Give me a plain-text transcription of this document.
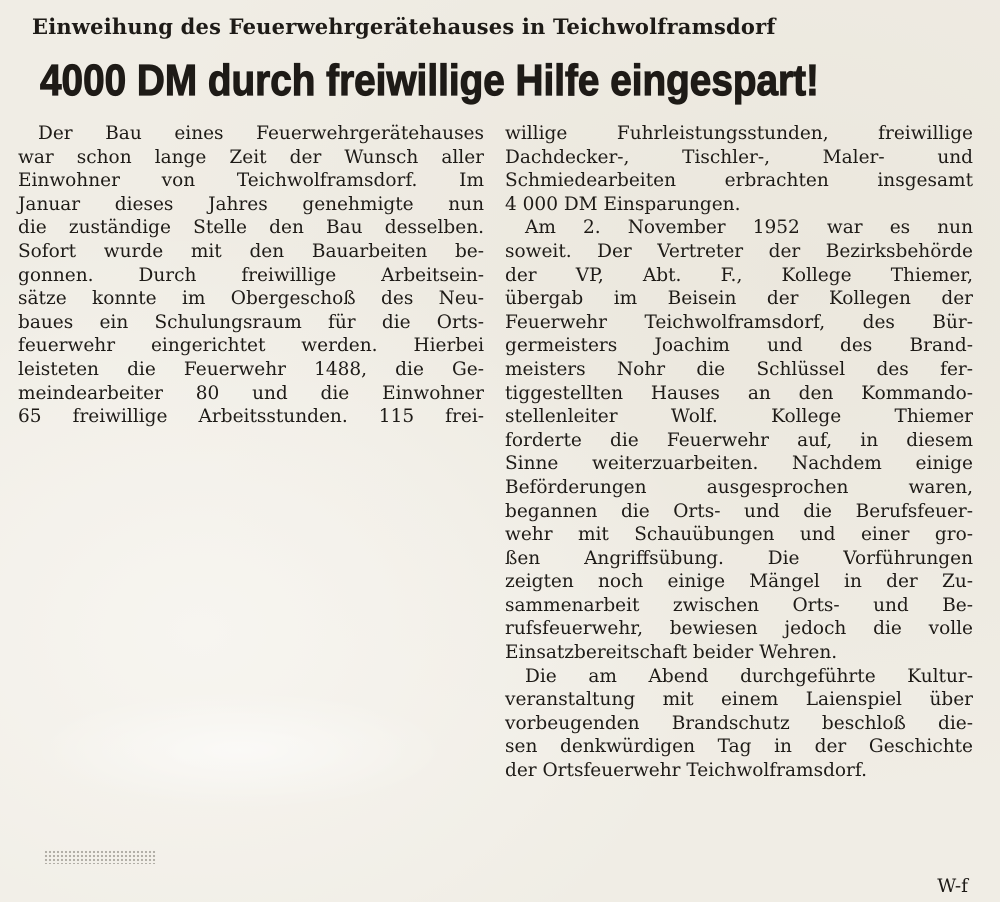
Einweihung des Feuerwehrgerätehauses in Teichwolframsdorf
4000 DM durch freiwillige Hilfe eingespart!
Der Bau eines Feuerwehrgerätehauses
war schon lange Zeit der Wunsch aller
Einwohner von Teichwolframsdorf. Im
Januar dieses Jahres genehmigte nun
die zuständige Stelle den Bau desselben.
Sofort wurde mit den Bauarbeiten be-
gonnen. Durch freiwillige Arbeitsein-
sätze konnte im Obergeschoß des Neu-
baues ein Schulungsraum für die Orts-
feuerwehr eingerichtet werden. Hierbei
leisteten die Feuerwehr 1488, die Ge-
meindearbeiter 80 und die Einwohner
65 freiwillige Arbeitsstunden. 115 frei-
willige Fuhrleistungsstunden, freiwillige
Dachdecker-, Tischler-, Maler- und
Schmiedearbeiten erbrachten insgesamt
4 000 DM Einsparungen.
Am 2. November 1952 war es nun
soweit. Der Vertreter der Bezirksbehörde
der VP, Abt. F., Kollege Thiemer,
übergab im Beisein der Kollegen der
Feuerwehr Teichwolframsdorf, des Bür-
germeisters Joachim und des Brand-
meisters Nohr die Schlüssel des fer-
tiggestellten Hauses an den Kommando-
stellenleiter Wolf. Kollege Thiemer
forderte die Feuerwehr auf, in diesem
Sinne weiterzuarbeiten. Nachdem einige
Beförderungen ausgesprochen waren,
begannen die Orts- und die Berufsfeuer-
wehr mit Schauübungen und einer gro-
ßen Angriffsübung. Die Vorführungen
zeigten noch einige Mängel in der Zu-
sammenarbeit zwischen Orts- und Be-
rufsfeuerwehr, bewiesen jedoch die volle
Einsatzbereitschaft beider Wehren.
Die am Abend durchgeführte Kultur-
veranstaltung mit einem Laienspiel über
vorbeugenden Brandschutz beschloß die-
sen denkwürdigen Tag in der Geschichte
der Ortsfeuerwehr Teichwolframsdorf.
W-f
